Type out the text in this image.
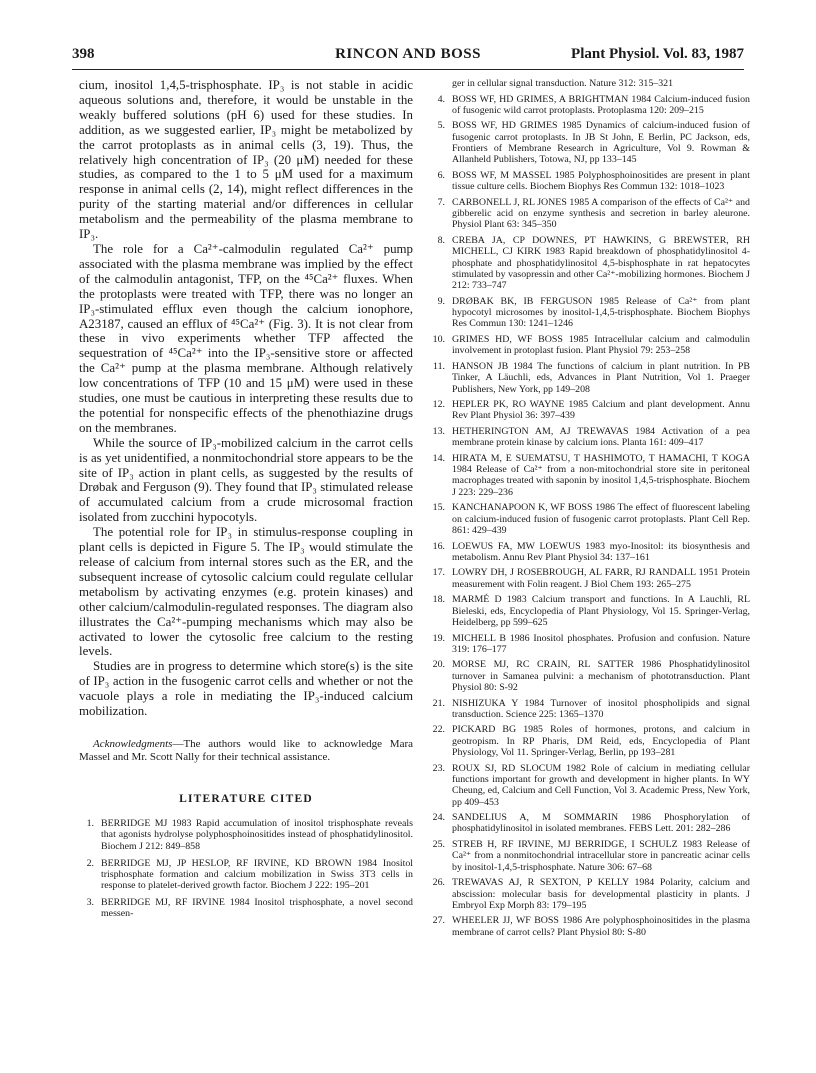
398	RINCON AND BOSS	Plant Physiol. Vol. 83, 1987

cium, inositol 1,4,5-trisphosphate. IP₃ is not stable in acidic aqueous solutions and, therefore, it would be unstable in the weakly buffered solutions (pH 6) used for these studies. In addition, as we suggested earlier, IP₃ might be metabolized by the carrot protoplasts as in animal cells (3, 19). Thus, the relatively high concentration of IP₃ (20 μM) needed for these studies, as compared to the 1 to 5 μM used for a maximum response in animal cells (2, 14), might reflect differences in the purity of the starting material and/or differences in cellular metabolism and the permeability of the plasma membrane to IP₃.

The role for a Ca²⁺-calmodulin regulated Ca²⁺ pump associated with the plasma membrane was implied by the effect of the calmodulin antagonist, TFP, on the ⁴⁵Ca²⁺ fluxes. When the protoplasts were treated with TFP, there was no longer an IP₃-stimulated efflux even though the calcium ionophore, A23187, caused an efflux of ⁴⁵Ca²⁺ (Fig. 3). It is not clear from these in vivo experiments whether TFP affected the sequestration of ⁴⁵Ca²⁺ into the IP₃-sensitive store or affected the Ca²⁺ pump at the plasma membrane. Although relatively low concentrations of TFP (10 and 15 μM) were used in these studies, one must be cautious in interpreting these results due to the potential for nonspecific effects of the phenothiazine drugs on the membranes.

While the source of IP₃-mobilized calcium in the carrot cells is as yet unidentified, a nonmitochondrial store appears to be the site of IP₃ action in plant cells, as suggested by the results of Drøbak and Ferguson (9). They found that IP₃ stimulated release of accumulated calcium from a crude microsomal fraction isolated from zucchini hypocotyls.

The potential role for IP₃ in stimulus-response coupling in plant cells is depicted in Figure 5. The IP₃ would stimulate the release of calcium from internal stores such as the ER, and the subsequent increase of cytosolic calcium could regulate cellular metabolism by activating enzymes (e.g. protein kinases) and other calcium/calmodulin-regulated responses. The diagram also illustrates the Ca²⁺-pumping mechanisms which may also be activated to lower the cytosolic free calcium to the resting levels.

Studies are in progress to determine which store(s) is the site of IP₃ action in the fusogenic carrot cells and whether or not the vacuole plays a role in mediating the IP₃-induced calcium mobilization.

Acknowledgments—The authors would like to acknowledge Mara Massel and Mr. Scott Nally for their technical assistance.

LITERATURE CITED
1. BERRIDGE MJ 1983 Rapid accumulation of inositol trisphosphate reveals that agonists hydrolyse polyphosphoinositides instead of phosphatidylinositol. Biochem J 212: 849–858
2. BERRIDGE MJ, JP HESLOP, RF IRVINE, KD BROWN 1984 Inositol trisphosphate formation and calcium mobilization in Swiss 3T3 cells in response to platelet-derived growth factor. Biochem J 222: 195–201
3. BERRIDGE MJ, RF IRVINE 1984 Inositol trisphosphate, a novel second messen-
ger in cellular signal transduction. Nature 312: 315–321
4. BOSS WF, HD GRIMES, A BRIGHTMAN 1984 Calcium-induced fusion of fusogenic wild carrot protoplasts. Protoplasma 120: 209–215
5. BOSS WF, HD GRIMES 1985 Dynamics of calcium-induced fusion of fusogenic carrot protoplasts. In JB St John, E Berlin, PC Jackson, eds, Frontiers of Membrane Research in Agriculture, Vol 9. Rowman & Allanheld Publishers, Totowa, NJ, pp 133–145
6. BOSS WF, M MASSEL 1985 Polyphosphoinositides are present in plant tissue culture cells. Biochem Biophys Res Commun 132: 1018–1023
7. CARBONELL J, RL JONES 1985 A comparison of the effects of Ca²⁺ and gibberelic acid on enzyme synthesis and secretion in barley aleurone. Physiol Plant 63: 345–350
8. CREBA JA, CP DOWNES, PT HAWKINS, G BREWSTER, RH MICHELL, CJ KIRK 1983 Rapid breakdown of phosphatidylinositol 4-phosphate and phosphatidylinositol 4,5-bisphosphate in rat hepatocytes stimulated by vasopressin and other Ca²⁺-mobilizing hormones. Biochem J 212: 733–747
9. DRØBAK BK, IB FERGUSON 1985 Release of Ca²⁺ from plant hypocotyl microsomes by inositol-1,4,5-trisphosphate. Biochem Biophys Res Commun 130: 1241–1246
10. GRIMES HD, WF BOSS 1985 Intracellular calcium and calmodulin involvement in protoplast fusion. Plant Physiol 79: 253–258
11. HANSON JB 1984 The functions of calcium in plant nutrition. In PB Tinker, A Läuchli, eds, Advances in Plant Nutrition, Vol 1. Praeger Publishers, New York, pp 149–208
12. HEPLER PK, RO WAYNE 1985 Calcium and plant development. Annu Rev Plant Physiol 36: 397–439
13. HETHERINGTON AM, AJ TREWAVAS 1984 Activation of a pea membrane protein kinase by calcium ions. Planta 161: 409–417
14. HIRATA M, E SUEMATSU, T HASHIMOTO, T HAMACHI, T KOGA 1984 Release of Ca²⁺ from a non-mitochondrial store site in peritoneal macrophages treated with saponin by inositol 1,4,5-trisphosphate. Biochem J 223: 229–236
15. KANCHANAPOON K, WF BOSS 1986 The effect of fluorescent labeling on calcium-induced fusion of fusogenic carrot protoplasts. Plant Cell Rep. 861: 429–439
16. LOEWUS FA, MW LOEWUS 1983 myo-Inositol: its biosynthesis and metabolism. Annu Rev Plant Physiol 34: 137–161
17. LOWRY DH, J ROSEBROUGH, AL FARR, RJ RANDALL 1951 Protein measurement with Folin reagent. J Biol Chem 193: 265–275
18. MARMÉ D 1983 Calcium transport and functions. In A Lauchli, RL Bieleski, eds, Encyclopedia of Plant Physiology, Vol 15. Springer-Verlag, Heidelberg, pp 599–625
19. MICHELL B 1986 Inositol phosphates. Profusion and confusion. Nature 319: 176–177
20. MORSE MJ, RC CRAIN, RL SATTER 1986 Phosphatidylinositol turnover in Samanea pulvini: a mechanism of phototransduction. Plant Physiol 80: S-92
21. NISHIZUKA Y 1984 Turnover of inositol phospholipids and signal transduction. Science 225: 1365–1370
22. PICKARD BG 1985 Roles of hormones, protons, and calcium in geotropism. In RP Pharis, DM Reid, eds, Encyclopedia of Plant Physiology, Vol 11. Springer-Verlag, Berlin, pp 193–281
23. ROUX SJ, RD SLOCUM 1982 Role of calcium in mediating cellular functions important for growth and development in higher plants. In WY Cheung, ed, Calcium and Cell Function, Vol 3. Academic Press, New York, pp 409–453
24. SANDELIUS A, M SOMMARIN 1986 Phosphorylation of phosphatidylinositol in isolated membranes. FEBS Lett. 201: 282–286
25. STREB H, RF IRVINE, MJ BERRIDGE, I SCHULZ 1983 Release of Ca²⁺ from a nonmitochondrial intracellular store in pancreatic acinar cells by inositol-1,4,5-trisphosphate. Nature 306: 67–68
26. TREWAVAS AJ, R SEXTON, P KELLY 1984 Polarity, calcium and abscission: molecular basis for developmental plasticity in plants. J Embryol Exp Morph 83: 179–195
27. WHEELER JJ, WF BOSS 1986 Are polyphosphoinositides in the plasma membrane of carrot cells? Plant Physiol 80: S-80
